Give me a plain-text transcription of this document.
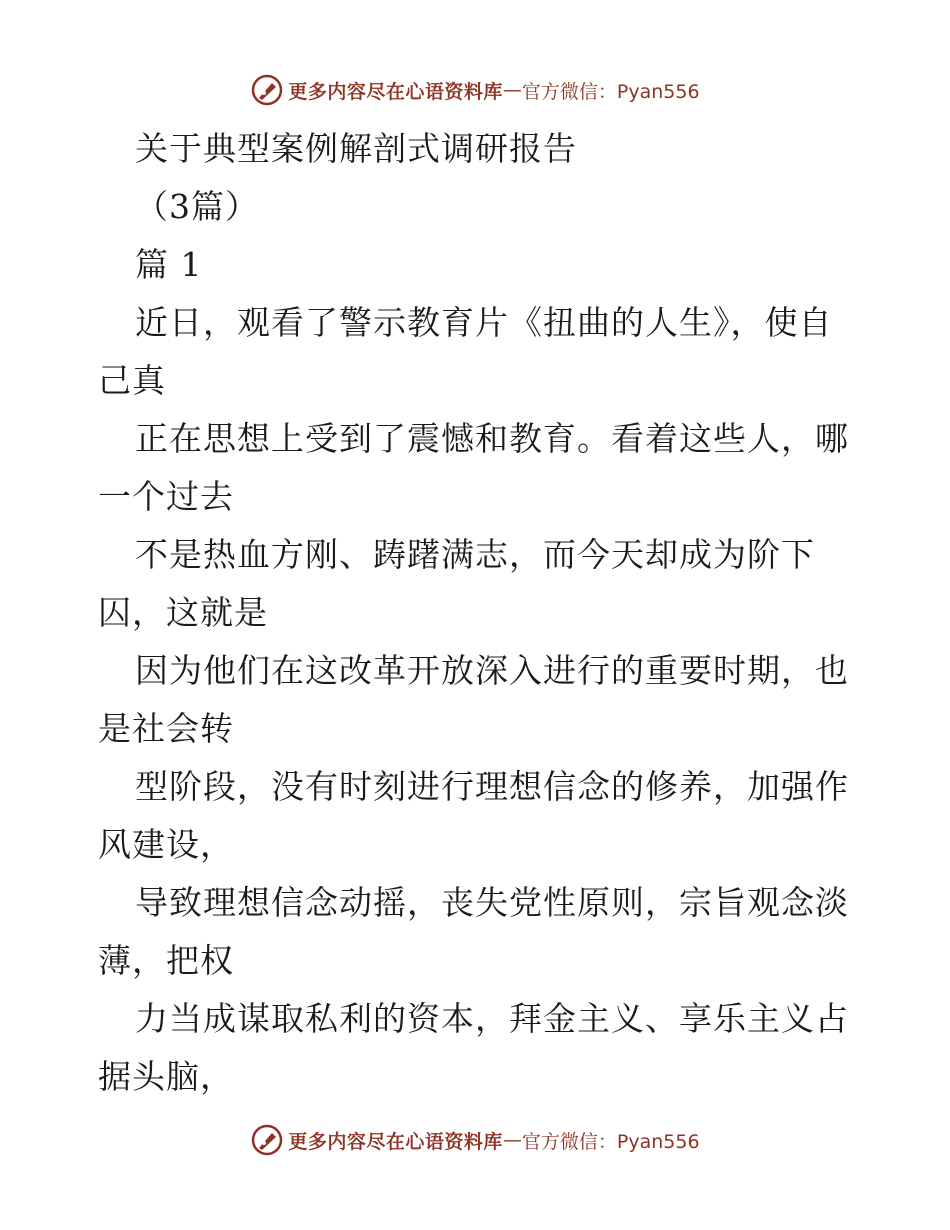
更多内容尽在心语资料库 — 官方微信：Pyan556
关于典型案例解剖式调研报告
（3篇）
篇 1
近日，观看了警示教育片《扭曲的人生》，使自
己真
正在思想上受到了震憾和教育。看着这些人，哪
一个过去
不是热血方刚、踌躇满志，而今天却成为阶下
囚，这就是
因为他们在这改革开放深入进行的重要时期，也
是社会转
型阶段，没有时刻进行理想信念的修养，加强作
风建设，
导致理想信念动摇，丧失党性原则，宗旨观念淡
薄，把权
力当成谋取私利的资本，拜金主义、享乐主义占
据头脑，
更多内容尽在心语资料库 — 官方微信：Pyan556
